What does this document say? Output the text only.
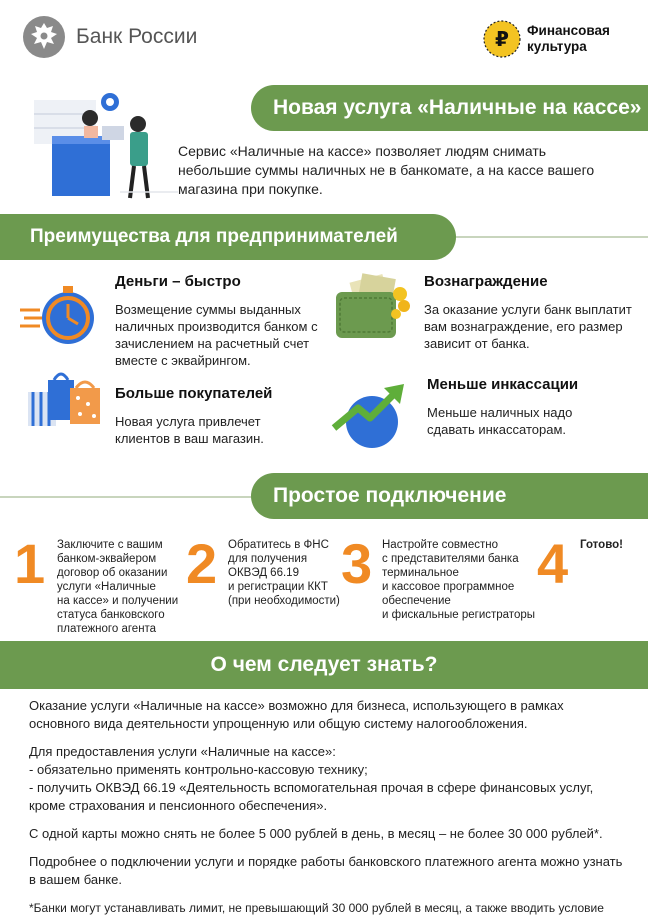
Банк России	₽ Финансовая
культура
Новая услуга «Наличные на кассе»
Сервис «Наличные на кассе» позволяет людям снимать небольшие суммы наличных не в банкомате, а на кассе вашего магазина при покупке.
Преимущества для предпринимателей
Деньги – быстро
Возмещение суммы выданных наличных производится банком с зачислением на расчетный счет вместе с эквайрингом.
Вознаграждение
За оказание услуги банк выплатит вам вознаграждение, его размер зависит от банка.
Больше покупателей
Новая услуга привлечет клиентов в ваш магазин.
Меньше инкассации
Меньше наличных надо сдавать инкассаторам.
Простое подключение
1 Заключите с вашим
банком-эквайером
договор об оказании
услуги «Наличные
на кассе» и получении
статуса банковского
платежного агента
2 Обратитесь в ФНС
для получения
ОКВЭД 66.19
и регистрации ККТ
(при необходимости)
3 Настройте совместно
с представителями банка
терминальное
и кассовое программное
обеспечение
и фискальные регистраторы
4 Готово!
О чем следует знать?
Оказание услуги «Наличные на кассе» возможно для бизнеса, использующего в рамках основного вида деятельности упрощенную или общую систему налогообложения.
Для предоставления услуги «Наличные на кассе»:
- обязательно применять контрольно-кассовую технику;
- получить ОКВЭД 66.19 «Деятельность вспомогательная прочая в сфере финансовых услуг, кроме страхования и пенсионного обеспечения».
С одной карты можно снять не более 5 000 рублей в день, в месяц – не более 30 000 рублей*.
Подробнее о подключении услуги и порядке работы банковского платежного агента можно узнать в вашем банке.
*Банки могут устанавливать лимит, не превышающий 30 000 рублей в месяц, а также вводить условие
